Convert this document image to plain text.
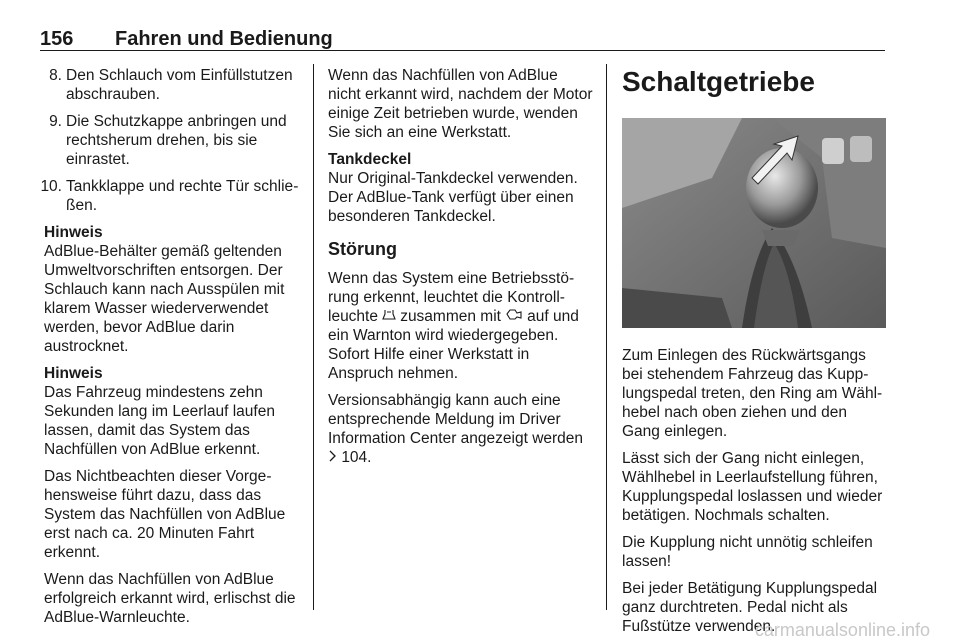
156 Fahren und Bedienung
8. Den Schlauch vom Einfüllstutzen abschrauben.
9. Die Schutzkappe anbringen und rechtsherum drehen, bis sie einrastet.
10. Tankklappe und rechte Tür schließen.
Hinweis

AdBlue-Behälter gemäß geltenden Umweltvorschriften entsorgen. Der Schlauch kann nach Ausspülen mit klarem Wasser wiederverwendet werden, bevor AdBlue darin austrocknet.

Hinweis

Das Fahrzeug mindestens zehn Sekunden lang im Leerlauf laufen lassen, damit das System das Nachfüllen von AdBlue erkennt.

Das Nichtbeachten dieser Vorgehensweise führt dazu, dass das System das Nachfüllen von AdBlue erst nach ca. 20 Minuten Fahrt erkennt.

Wenn das Nachfüllen von AdBlue erfolgreich erkannt wird, erlischst die AdBlue-Warnleuchte.

Wenn das Nachfüllen von AdBlue nicht erkannt wird, nachdem der Motor einige Zeit betrieben wurde, wenden Sie sich an eine Werkstatt.

Tankdeckel

Nur Original-Tankdeckel verwenden. Der AdBlue-Tank verfügt über einen besonderen Tankdeckel.

Störung

Wenn das System eine Betriebsstörung erkennt, leuchtet die Kontrollleuchte zusammen mit auf und ein Warnton wird wiedergegeben. Sofort Hilfe einer Werkstatt in Anspruch nehmen.

Versionsabhängig kann auch eine entsprechende Meldung im Driver Information Center angezeigt werden
104.

Schaltgetriebe

Zum Einlegen des Rückwärtsgangs bei stehendem Fahrzeug das Kupplungspedal treten, den Ring am Wählhebel nach oben ziehen und den Gang einlegen.

Lässt sich der Gang nicht einlegen, Wählhebel in Leerlaufstellung führen, Kupplungspedal loslassen und wieder betätigen. Nochmals schalten.

Die Kupplung nicht unnötig schleifen lassen!

Bei jeder Betätigung Kupplungspedal ganz durchtreten. Pedal nicht als Fußstütze verwenden.

carmanualsonline.info
